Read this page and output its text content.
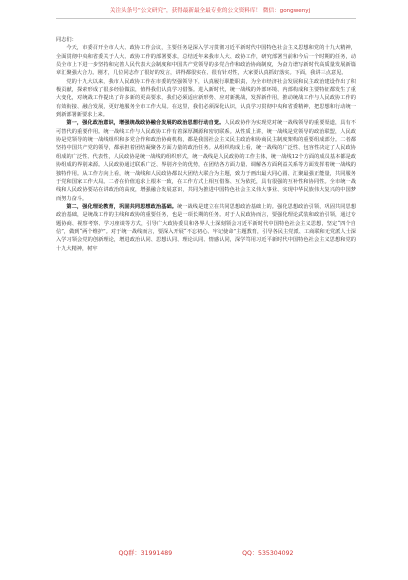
关注头条号“公文研究”，获得最新最全最专业的公文资料库！ 微信：gongwenyj

同志们：

今天，市委召开全市人大、政协工作会议，主要任务是深入学习贯彻习近平新时代中国特色社会主义思想和党的十九大精神，全面贯彻中央和省委关于人大、政协工作的部署要求，总结近年来我市人大、政协工作，研究部署当前和今后一个时期的任务，动员全市上下进一步坚持和完善人民代表大会制度和中国共产党领导的多党合作和政治协商制度，为奋力谱写新时代高质量发展新篇章汇聚强大合力。刚才，几位同志作了很好的发言，讲得都很实在、很有针对性，大家要认真抓好落实。下面，我讲三点意见。

党的十九大以来，我市人民政协工作在市委的坚强领导下，认真履行职能职责，为全市经济社会发展和民主政治建设作出了积极贡献，探索形成了很多经验做法，值得我们认真学习借鉴。进入新时代，统一战线的外部环境、内部构成和主要特征都发生了重大变化，对统战工作提出了许多新的更高要求，我们必须适应新形势、应对新挑战，发挥新作用，推动统战工作与人民政协工作的有效衔接、融合发展，更好地服务全市工作大局。在这里，我们必须深化认识，认真学习贯彻中央和省委精神，把思想和行动统一到新部署新要求上来。

第一，强化政治意识，增强统战政协融合发展的政治思想行动自觉。人民政协作为实现党对统一战线领导的重要渠道，具有不可替代的重要作用。统一战线工作与人民政协工作有着深厚渊源和密切联系。从性质上讲，统一战线是党领导的政治联盟，人民政协是党领导的统一战线组织和多党合作和政治协商机构，都是我国社会主义民主政治和协商民主制度架构的重要组成部分。二者都坚持中国共产党的领导，都承担着团结凝聚各方面力量的政治任务。从组织构成上看，统一战线的广泛性、包容性决定了人民政协组成的广泛性、代表性，人民政协是统一战线的组织形式，统一战线是人民政协的工作主体，统一战线12个方面的成员基本都是政协组成的界别来源。人民政协通过联系广泛、界别齐全的优势，在团结各方面力量、调解各方面利益关系等方面发挥着统一战线的独特作用。从工作方向上看，统一战线和人民政协都以大团结大联合为主题，致力于画出最大同心圆、汇聚最强正能量，共同服务于党和国家工作大局。二者在价值追求上根本一致，在工作方式上相互借鉴、互为依托，具有很强的互补性和协同性。全市统一战线和人民政协要站在讲政治的高度，增强融合发展意识，共同为推进中国特色社会主义伟大事业、实现中华民族伟大复兴的中国梦而努力奋斗。

第二，强化理论教育，巩固共同思想政治基础。统一战线是建立在共同思想政治基础上的。强化思想政治引领，巩固共同思想政治基础，是统战工作的主线和政协的重要任务，也是一项长期的任务。对于人民政协而言，要强化理论武装和政治引领，通过专题协商、视察考察、学习座谈等方式，引导广大政协委员和各界人士深刻领会习近平新时代中国特色社会主义思想，坚定“四个自信”，做到“两个维护”。对于统一战线而言，要深入开展“不忘初心、牢记使命”主题教育，引导各民主党派、工商联和无党派人士深入学习领会党的创新理论，增进政治认同、思想认同、理论认同、情感认同，深学笃用习近平新时代中国特色社会主义思想和党的十九大精神，树牢

QQ群：31991489	QQ：535304092
